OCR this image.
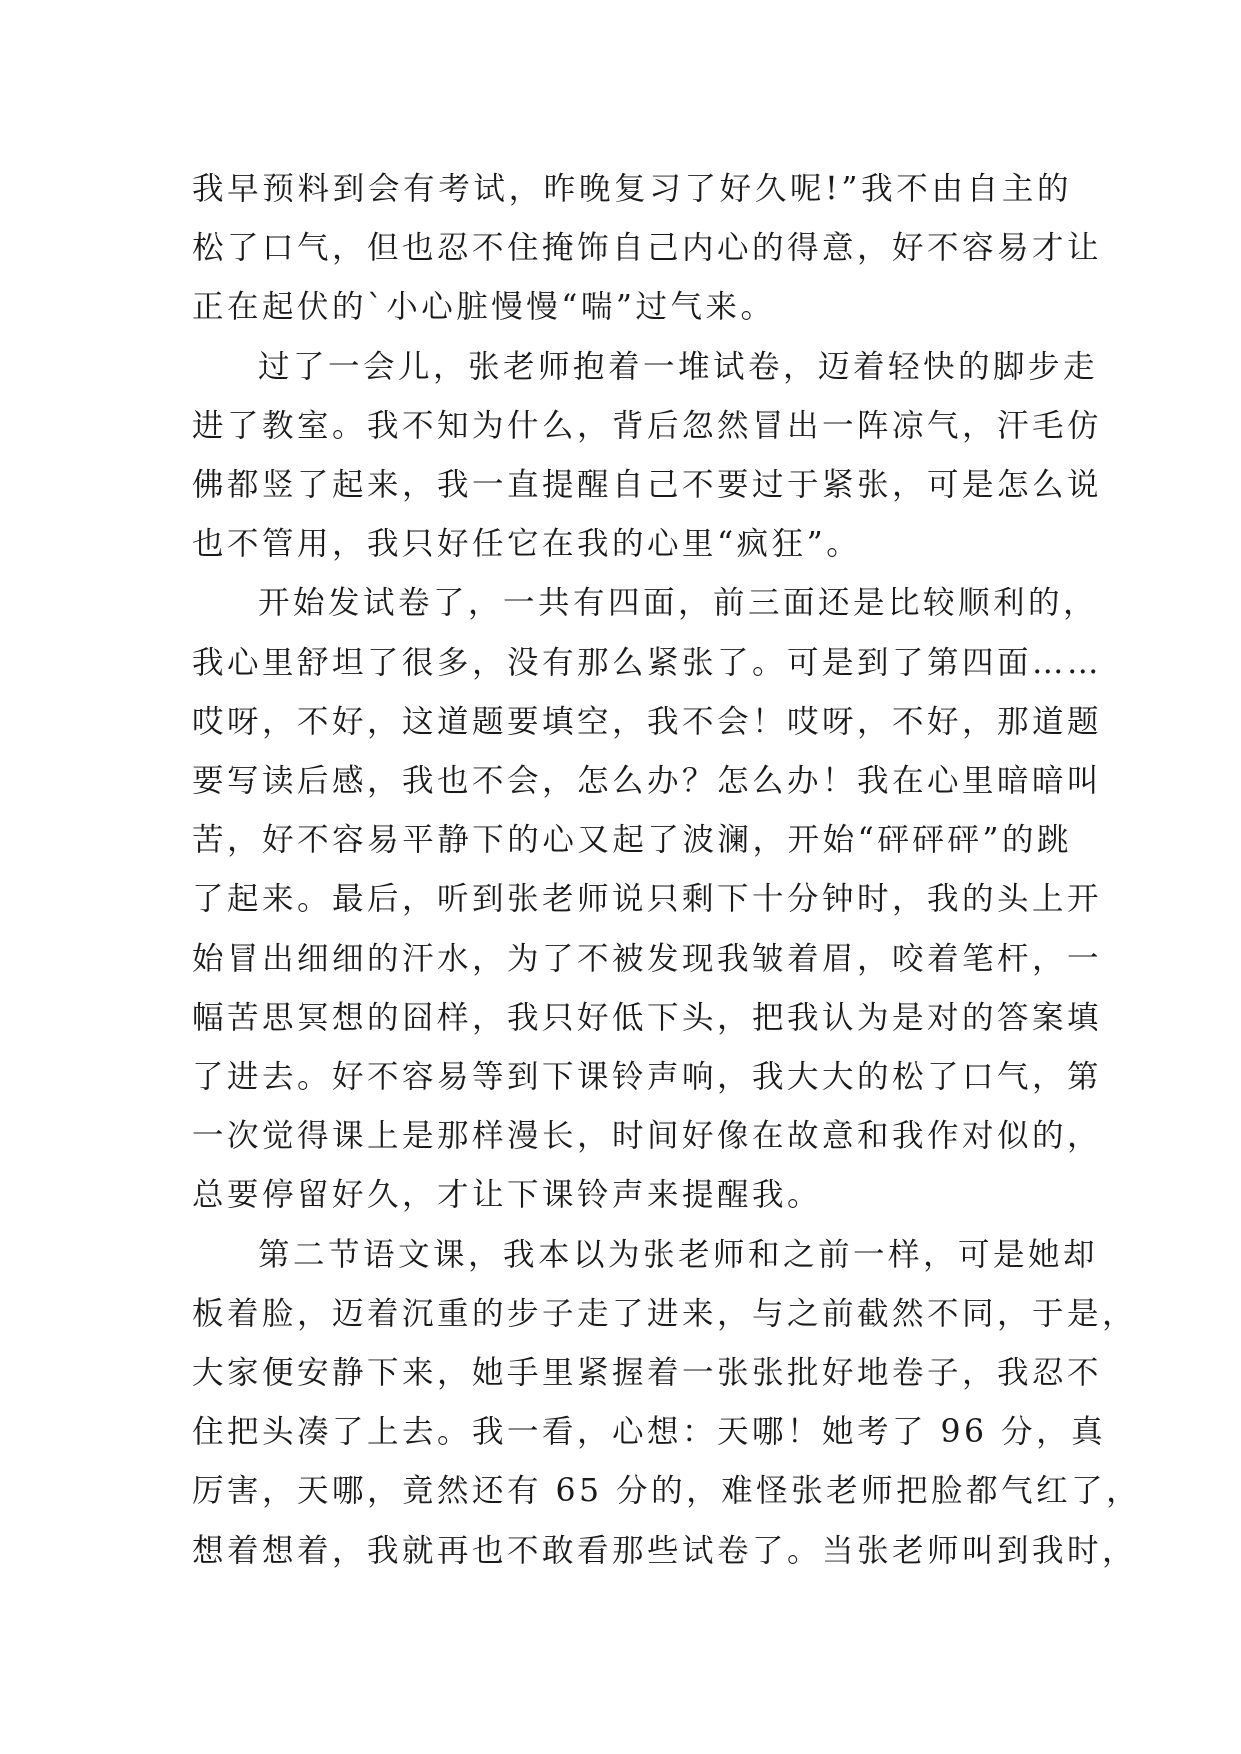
我早预料到会有考试，昨晚复习了好久呢!”我不由自主的
松了口气，但也忍不住掩饰自己内心的得意，好不容易才让
正在起伏的`小心脏慢慢“喘”过气来。

过了一会儿，张老师抱着一堆试卷，迈着轻快的脚步走
进了教室。我不知为什么，背后忽然冒出一阵凉气，汗毛仿
佛都竖了起来，我一直提醒自己不要过于紧张，可是怎么说
也不管用，我只好任它在我的心里“疯狂”。

开始发试卷了，一共有四面，前三面还是比较顺利的，
我心里舒坦了很多，没有那么紧张了。可是到了第四面……
哎呀，不好，这道题要填空，我不会！哎呀，不好，那道题
要写读后感，我也不会，怎么办？怎么办！我在心里暗暗叫
苦，好不容易平静下的心又起了波澜，开始“砰砰砰”的跳
了起来。最后，听到张老师说只剩下十分钟时，我的头上开
始冒出细细的汗水，为了不被发现我皱着眉，咬着笔杆，一
幅苦思冥想的囧样，我只好低下头，把我认为是对的答案填
了进去。好不容易等到下课铃声响，我大大的松了口气，第
一次觉得课上是那样漫长，时间好像在故意和我作对似的，
总要停留好久，才让下课铃声来提醒我。

第二节语文课，我本以为张老师和之前一样，可是她却
板着脸，迈着沉重的步子走了进来，与之前截然不同，于是，
大家便安静下来，她手里紧握着一张张批好地卷子，我忍不
住把头凑了上去。我一看，心想：天哪！她考了 96 分，真
厉害，天哪，竟然还有 65 分的，难怪张老师把脸都气红了，
想着想着，我就再也不敢看那些试卷了。当张老师叫到我时，
